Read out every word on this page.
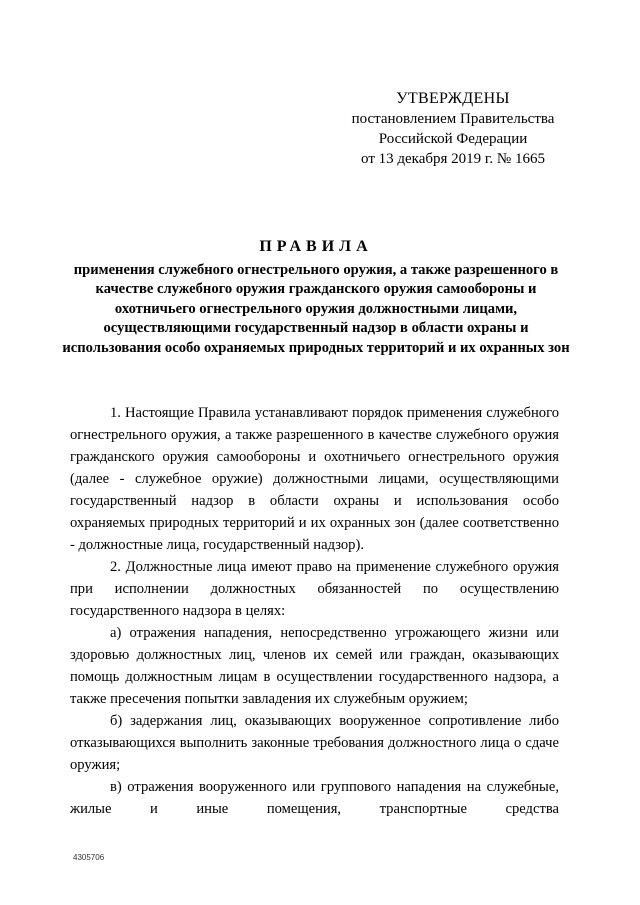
УТВЕРЖДЕНЫ
постановлением Правительства
Российской Федерации
от 13 декабря 2019 г. № 1665
ПРАВИЛА
применения служебного огнестрельного оружия, а также разрешенного в качестве служебного оружия гражданского оружия самообороны и охотничьего огнестрельного оружия должностными лицами, осуществляющими государственный надзор в области охраны и использования особо охраняемых природных территорий и их охранных зон

1. Настоящие Правила устанавливают порядок применения служебного огнестрельного оружия, а также разрешенного в качестве служебного оружия гражданского оружия самообороны и охотничьего огнестрельного оружия (далее - служебное оружие) должностными лицами, осуществляющими государственный надзор в области охраны и использования особо охраняемых природных территорий и их охранных зон (далее соответственно - должностные лица, государственный надзор).

2. Должностные лица имеют право на применение служебного оружия при исполнении должностных обязанностей по осуществлению государственного надзора в целях:

а) отражения нападения, непосредственно угрожающего жизни или здоровью должностных лиц, членов их семей или граждан, оказывающих помощь должностным лицам в осуществлении государственного надзора, а также пресечения попытки завладения их служебным оружием;

б) задержания лиц, оказывающих вооруженное сопротивление либо отказывающихся выполнить законные требования должностного лица о сдаче оружия;

в) отражения вооруженного или группового нападения на служебные, жилые и иные помещения, транспортные средства

4305706
